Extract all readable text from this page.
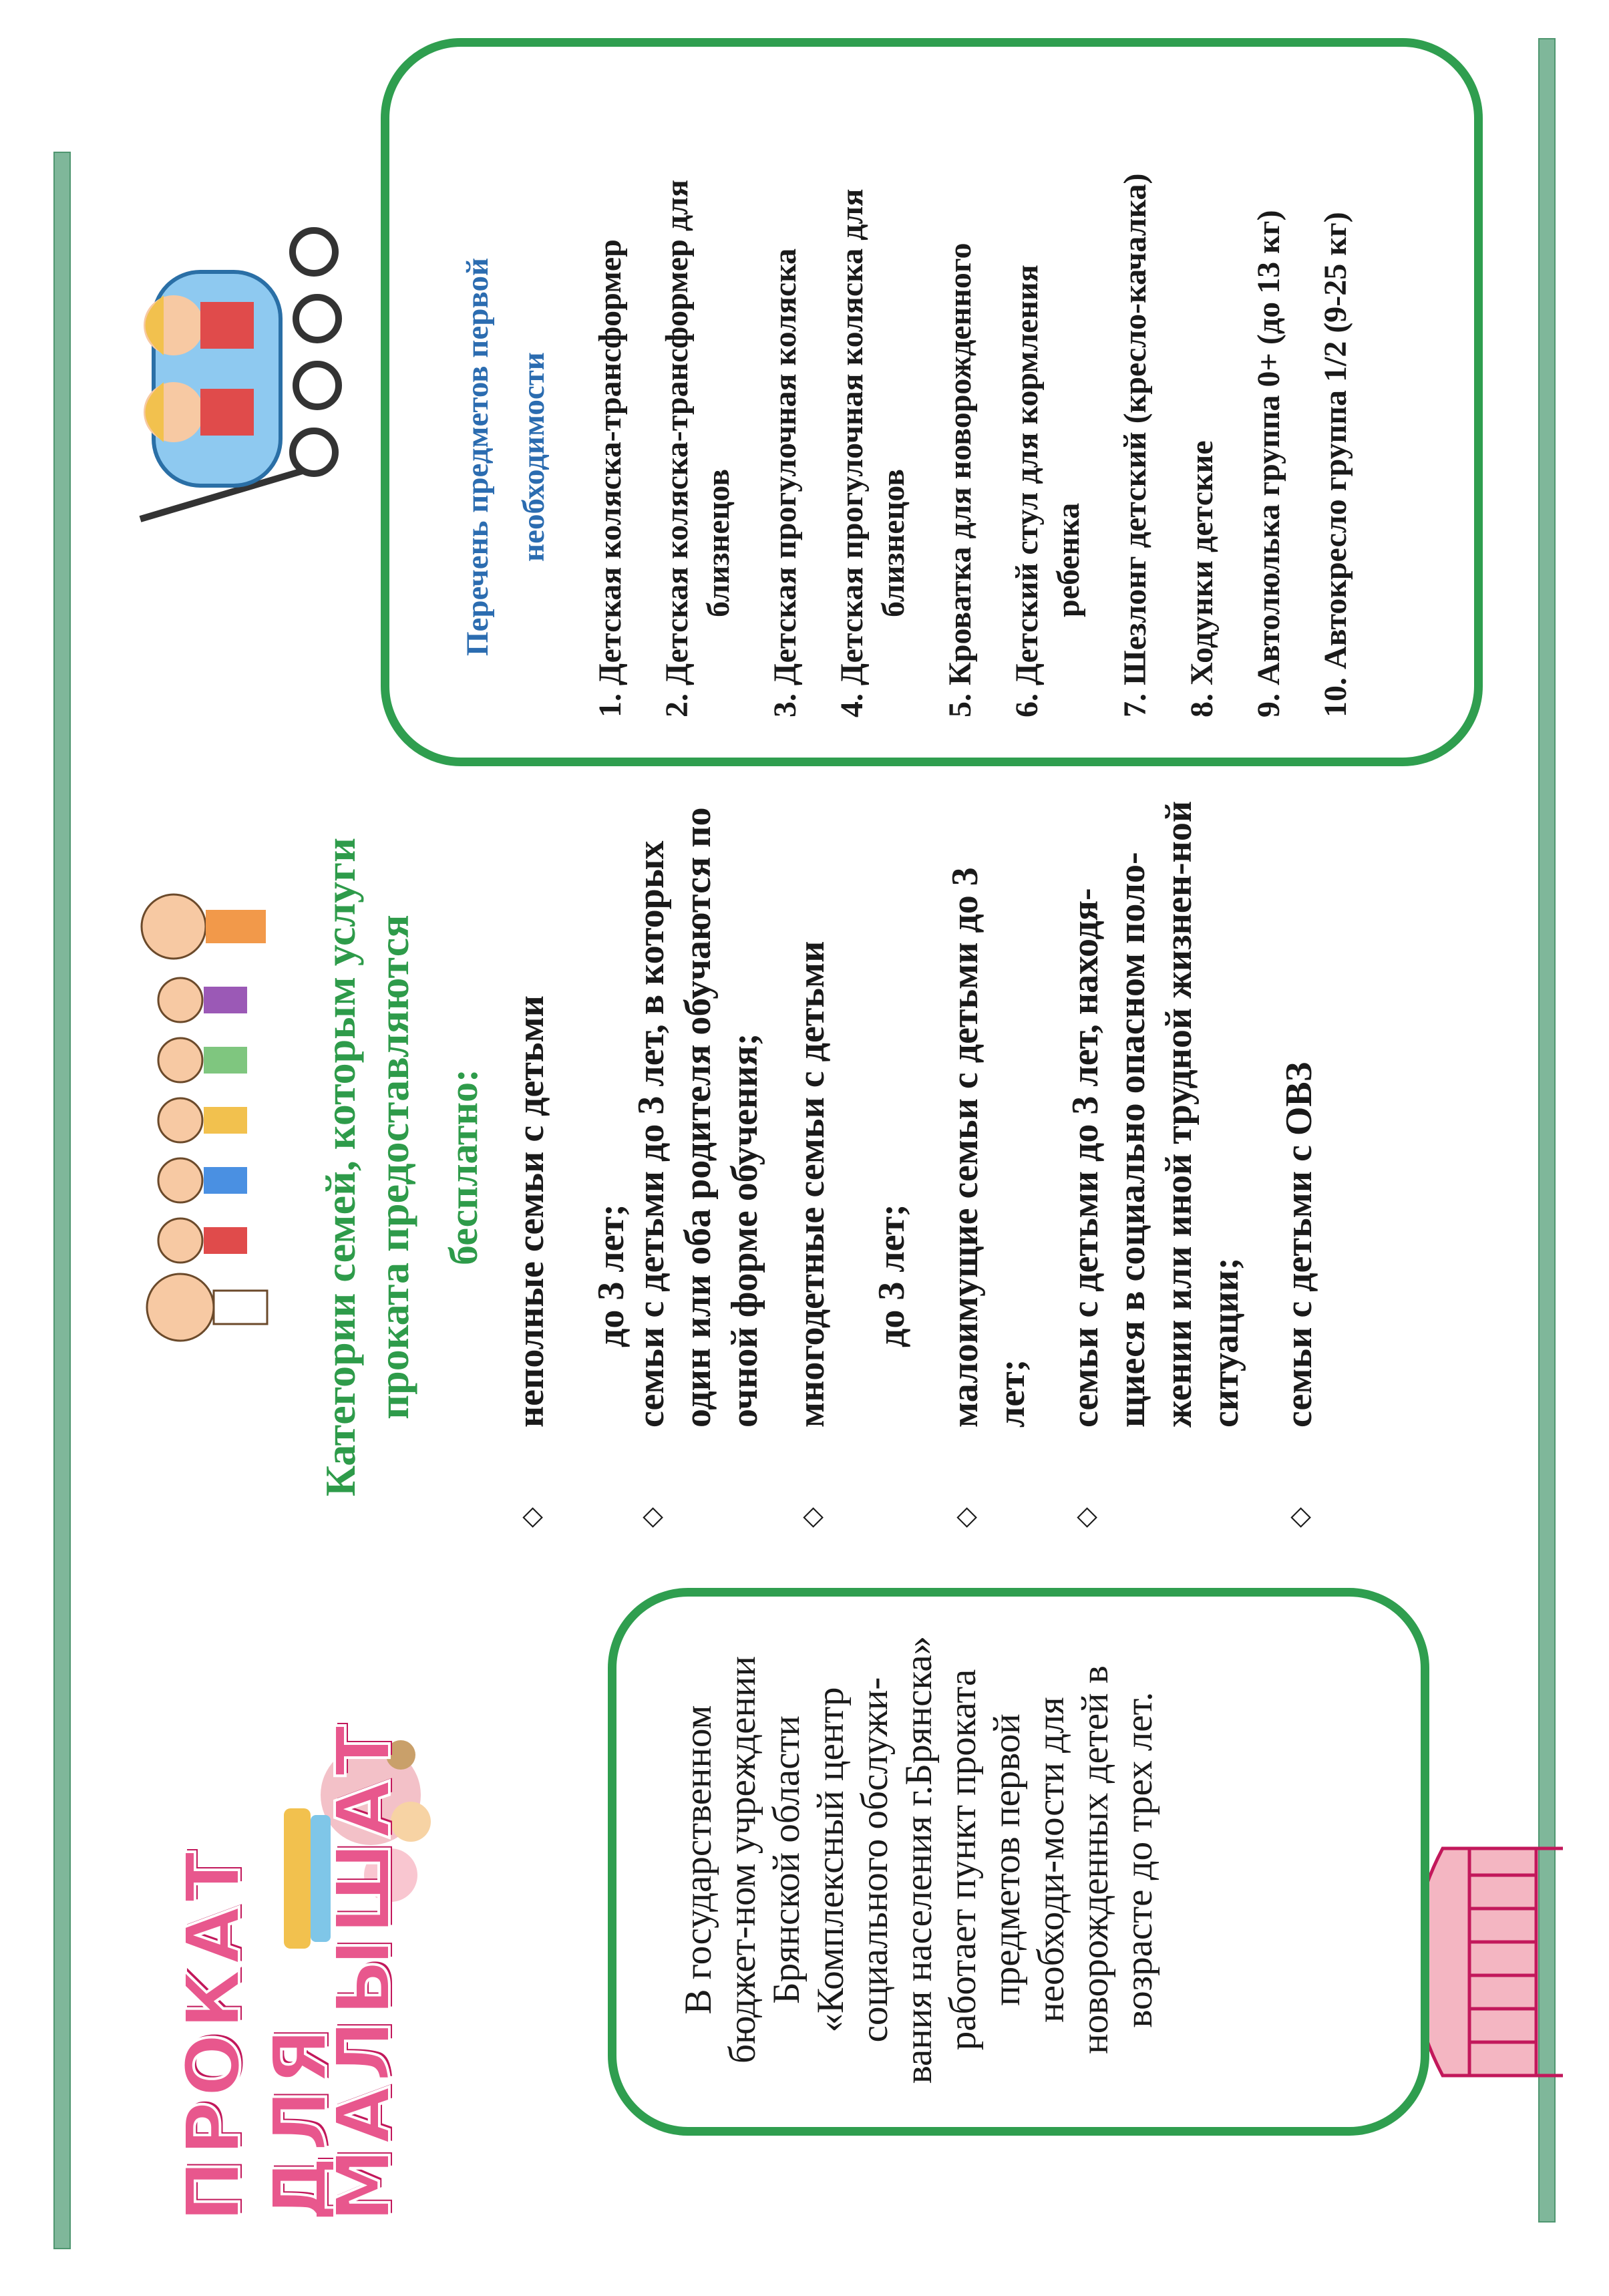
ПРОКАТ ДЛЯ
МАЛЫШАТ	В государственном бюджет-ном учреждении Брянской области «Комплексный центр социального обслужи-вания населения г.Брянска» работает пункт проката предметов первой необходи-мости для новорожденных детей в возрасте до трех лет.
Категории семей, которым услуги проката предоставляются бесплатно:
◇

неполные семьи с детьми до 3 лет;

◇

семьи с детьми до 3 лет, в которых один или оба родителя обучаются по очной форме обучения;

◇

многодетные семьи с детьми до 3 лет;

◇

малоимущие семьи с детьми до 3 лет;

◇

семьи с детьми до 3 лет, находя-щиеся в социально опасном поло-жении или иной трудной жизнен-ной ситуации;

◇

семьи с детьми с ОВЗ

Перечень предметов первой необходимости	1. Детская коляска-трансформер 2. Детская коляска-трансформер для близнецов 3. Детская прогулочная коляска 4. Детская прогулочная коляска для близнецов 5. Кроватка для новорожденного 6. Детский стул для кормления ребенка 7. Шезлонг детский (кресло-качалка) 8. Ходунки детские 9. Автолюлька группа 0+ (до 13 кг) 10. Автокресло группа 1/2 (9-25 кг)
